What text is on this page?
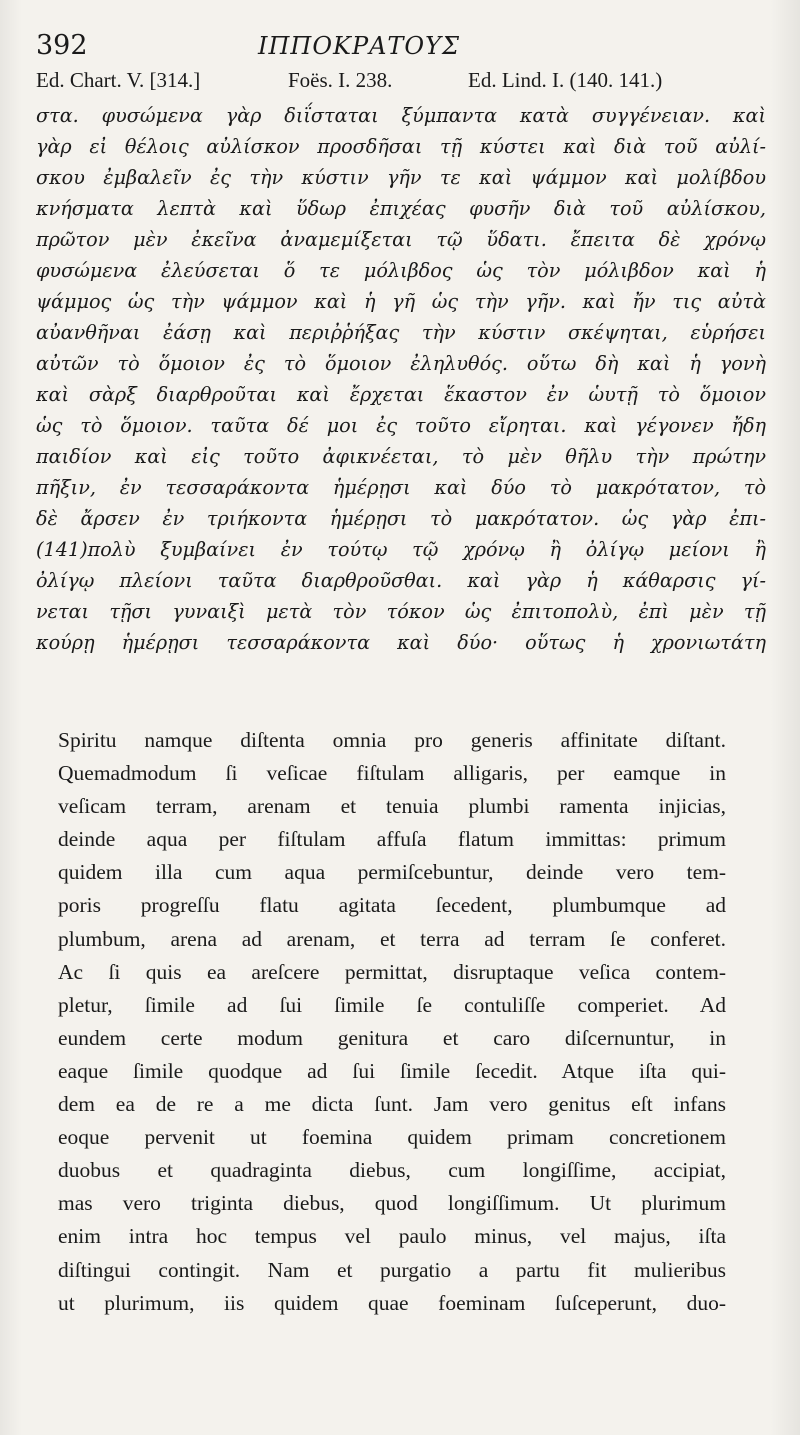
392	ΙΠΠΟΚΡΑΤΟΥΣ
Ed. Chart. V. [314.]	Foës. I. 238.	Ed. Lind. I. (140. 141.)
στα. φυσώμενα γὰρ διΐσταται ξύμπαντα κατὰ συγγένειαν. καὶ
γὰρ εἰ θέλοις αὐλίσκον προσδῆσαι τῇ κύστει καὶ διὰ τοῦ αὐλί-
σκου ἐμβαλεῖν ἐς τὴν κύστιν γῆν τε καὶ ψάμμον καὶ μολίβδου
κνήσματα λεπτὰ καὶ ὕδωρ ἐπιχέας φυσῆν διὰ τοῦ αὐλίσκου,
πρῶτον μὲν ἐκεῖνα ἀναμεμίξεται τῷ ὕδατι. ἔπειτα δὲ χρόνῳ
φυσώμενα ἐλεύσεται ὅ τε μόλιβδος ὡς τὸν μόλιβδον καὶ ἡ
ψάμμος ὡς τὴν ψάμμον καὶ ἡ γῆ ὡς τὴν γῆν. καὶ ἤν τις αὐτὰ
αὐανθῆναι ἐάσῃ καὶ περιῤῥήξας τὴν κύστιν σκέψηται, εὑρήσει
αὐτῶν τὸ ὅμοιον ἐς τὸ ὅμοιον ἐληλυθός. οὕτω δὴ καὶ ἡ γονὴ
καὶ σὰρξ διαρθροῦται καὶ ἔρχεται ἕκαστον ἐν ὡυτῇ τὸ ὅμοιον
ὡς τὸ ὅμοιον. ταῦτα δέ μοι ἐς τοῦτο εἴρηται. καὶ γέγονεν ἤδη
παιδίον καὶ εἰς τοῦτο ἀφικνέεται, τὸ μὲν θῆλυ τὴν πρώτην
πῆξιν, ἐν τεσσαράκοντα ἡμέρῃσι καὶ δύο τὸ μακρότατον, τὸ
δὲ ἄρσεν ἐν τριήκοντα ἡμέρῃσι τὸ μακρότατον. ὡς γὰρ ἐπι-
(141)πολὺ ξυμβαίνει ἐν τούτῳ τῷ χρόνῳ ἢ ὀλίγῳ μείονι ἢ
ὀλίγῳ πλείονι ταῦτα διαρθροῦσθαι. καὶ γὰρ ἡ κάθαρσις γί-
νεται τῇσι γυναιξὶ μετὰ τὸν τόκον ὡς ἐπιτοπολὺ, ἐπὶ μὲν τῇ
κούρῃ ἡμέρῃσι τεσσαράκοντα καὶ δύο· οὕτως ἡ χρονιωτάτη
Spiritu namque diſtenta omnia pro generis affinitate diſtant.
Quemadmodum ſi veſicae fiſtulam alligaris, per eamque in
veſicam terram, arenam et tenuia plumbi ramenta injicias,
deinde aqua per fiſtulam affuſa flatum immittas: primum
quidem illa cum aqua permiſcebuntur, deinde vero tem-
poris progreſſu flatu agitata ſecedent, plumbumque ad
plumbum, arena ad arenam, et terra ad terram ſe conferet.
Ac ſi quis ea areſcere permittat, disruptaque veſica contem-
pletur, ſimile ad ſui ſimile ſe contuliſſe comperiet. Ad
eundem certe modum genitura et caro diſcernuntur, in
eaque ſimile quodque ad ſui ſimile ſecedit. Atque iſta qui-
dem ea de re a me dicta ſunt. Jam vero genitus eſt infans
eoque pervenit ut foemina quidem primam concretionem
duobus et quadraginta diebus, cum longiſſime, accipiat,
mas vero triginta diebus, quod longiſſimum. Ut plurimum
enim intra hoc tempus vel paulo minus, vel majus, iſta
diſtingui contingit. Nam et purgatio a partu fit mulieribus
ut plurimum, iis quidem quae foeminam ſuſceperunt, duo-
